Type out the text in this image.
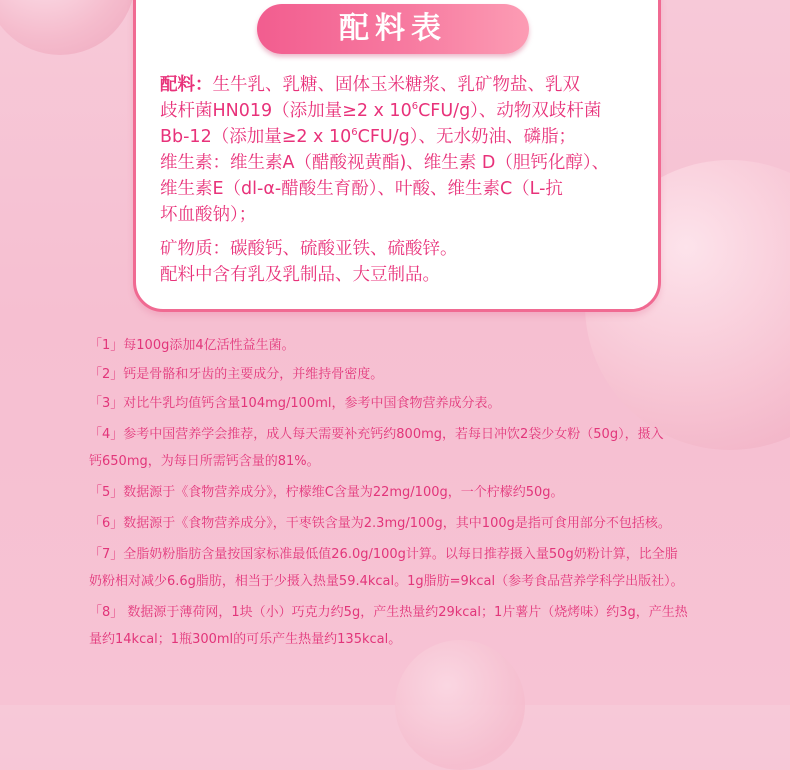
配料表

配料：生牛乳、乳糖、固体玉米糖浆、乳矿物盐、乳双

歧杆菌HN019（添加量≥2 x $10^6CFU/g$）、动物双歧杆菌

Bb-12（添加量≥2 x $10^6CFU/g$）、无水奶油、磷脂；

维生素：维生素A（醋酸视黄酯)、维生素 D（胆钙化醇）、

维生素E（dl-α-醋酸生育酚）、叶酸、维生素C（L-抗

坏血酸钠）；

矿物质：碳酸钙、硫酸亚铁、硫酸锌。

配料中含有乳及乳制品、大豆制品。

「1」每100g添加4亿活性益生菌。

「2」钙是骨骼和牙齿的主要成分，并维持骨密度。

「3」对比牛乳均值钙含量104mg/100ml，参考中国食物营养成分表。

「4」参考中国营养学会推荐，成人每天需要补充钙约800mg，若每日冲饮2袋少女粉（50g），摄入

钙650mg，为每日所需钙含量的81%。

「5」数据源于《食物营养成分》，柠檬维C含量为22mg/100g，一个柠檬约50g。

「6」数据源于《食物营养成分》，干枣铁含量为2.3mg/100g，其中100g是指可食用部分不包括核。

「7」全脂奶粉脂肪含量按国家标准最低值26.0g/100g计算。以每日推荐摄入量50g奶粉计算，比全脂

奶粉相对减少6.6g脂肪，相当于少摄入热量59.4kcal。1g脂肪=9kcal（参考食品营养学科学出版社）。

「8」 数据源于薄荷网，1块（小）巧克力约5g，产生热量约29kcal；1片薯片（烧烤味）约3g，产生热

量约14kcal；1瓶300ml的可乐产生热量约135kcal。
